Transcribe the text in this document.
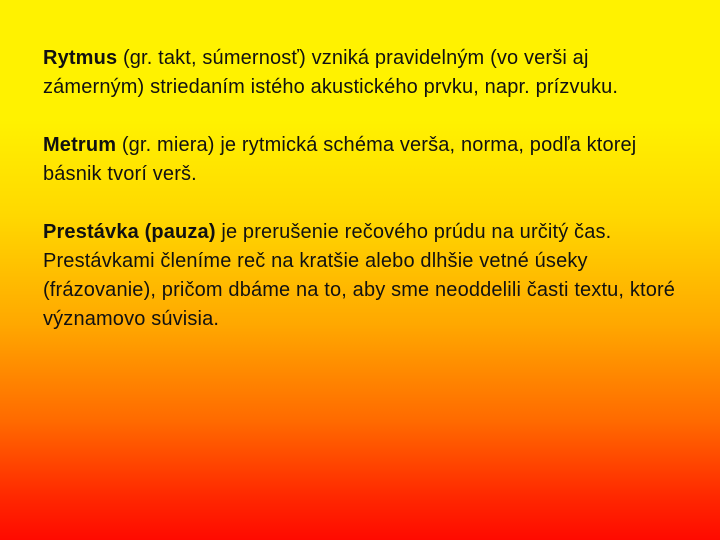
Rytmus (gr. takt, súmernosť) vzniká pravidelným (vo verši aj zámerným) striedaním istého akustického prvku, napr. prízvuku.

Metrum (gr. miera) je rytmická schéma verša, norma, podľa ktorej básnik tvorí verš.

Prestávka (pauza) je prerušenie rečového prúdu na určitý čas. Prestávkami členíme reč na kratšie alebo dlhšie vetné úseky (frázovanie), pričom dbáme na to, aby sme neoddelili časti textu, ktoré významovo súvisia.
